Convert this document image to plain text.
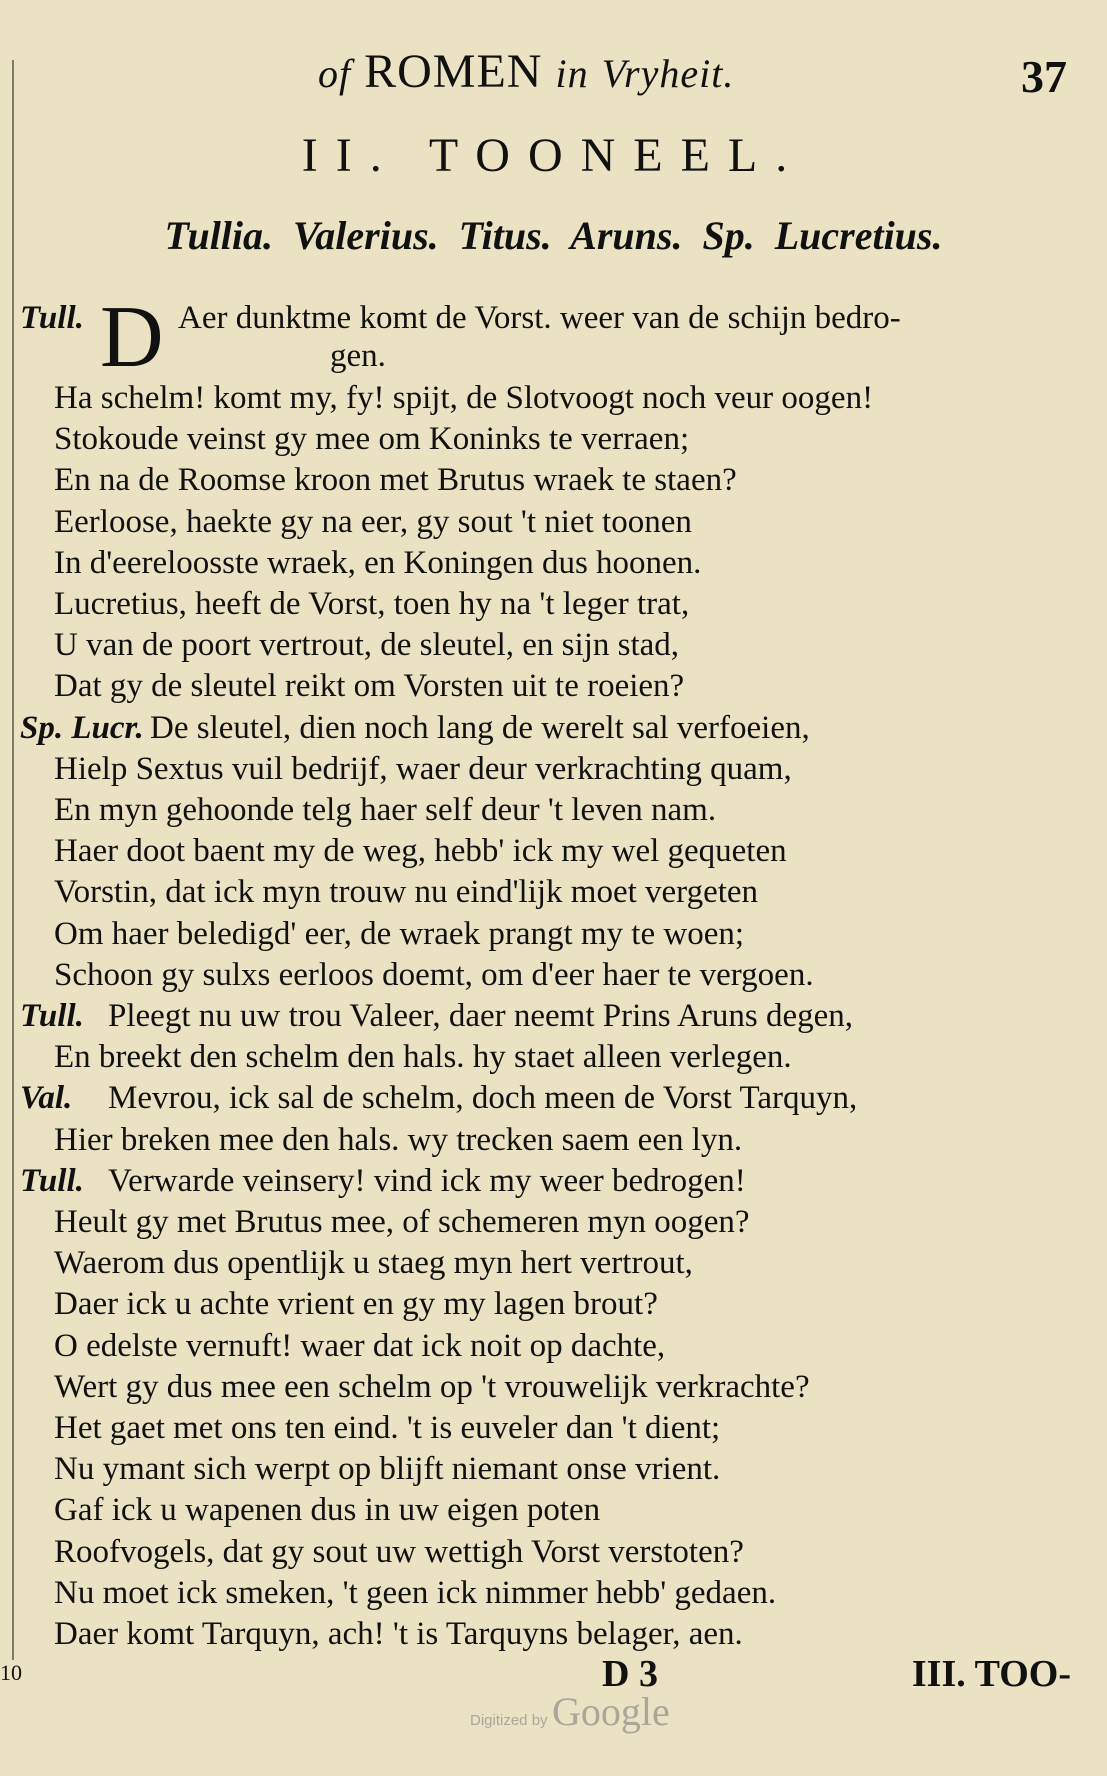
of ROMEN in Vryheit.	37
II. TOONEEL.
Tullia. Valerius. Titus. Aruns. Sp. Lucretius.
Tull. D Aer dunktme komt de Vorst. weer van de schijn bedro-
gen.
Ha schelm! komt my, fy! spijt, de Slotvoogt noch veur oogen!
Stokoude veinst gy mee om Koninks te verraen;
En na de Roomse kroon met Brutus wraek te staen?
Eerloose, haekte gy na eer, gy sout 't niet toonen
In d'eereloosste wraek, en Koningen dus hoonen.
Lucretius, heeft de Vorst, toen hy na 't leger trat,
U van de poort vertrout, de sleutel, en sijn stad,
Dat gy de sleutel reikt om Vorsten uit te roeien?
Sp. Lucr. De sleutel, dien noch lang de werelt sal verfoeien,
Hielp Sextus vuil bedrijf, waer deur verkrachting quam,
En myn gehoonde telg haer self deur 't leven nam.
Haer doot baent my de weg, hebb' ick my wel gequeten
Vorstin, dat ick myn trouw nu eind'lijk moet vergeten
Om haer beledigd' eer, de wraek prangt my te woen;
Schoon gy sulxs eerloos doemt, om d'eer haer te vergoen.
Tull. Pleegt nu uw trou Valeer, daer neemt Prins Aruns degen,
En breekt den schelm den hals. hy staet alleen verlegen.
Val. Mevrou, ick sal de schelm, doch meen de Vorst Tarquyn,
Hier breken mee den hals. wy trecken saem een lyn.
Tull. Verwarde veinsery! vind ick my weer bedrogen!
Heult gy met Brutus mee, of schemeren myn oogen?
Waerom dus opentlijk u staeg myn hert vertrout,
Daer ick u achte vrient en gy my lagen brout?
O edelste vernuft! waer dat ick noit op dachte,
Wert gy dus mee een schelm op 't vrouwelijk verkrachte?
Het gaet met ons ten eind. 't is euveler dan 't dient;
Nu ymant sich werpt op blijft niemant onse vrient.
Gaf ick u wapenen dus in uw eigen poten
Roofvogels, dat gy sout uw wettigh Vorst verstoten?
Nu moet ick smeken, 't geen ick nimmer hebb' gedaen.
Daer komt Tarquyn, ach! 't is Tarquyns belager, aen.
D 3	III. TOO-
10
Digitized by Google
